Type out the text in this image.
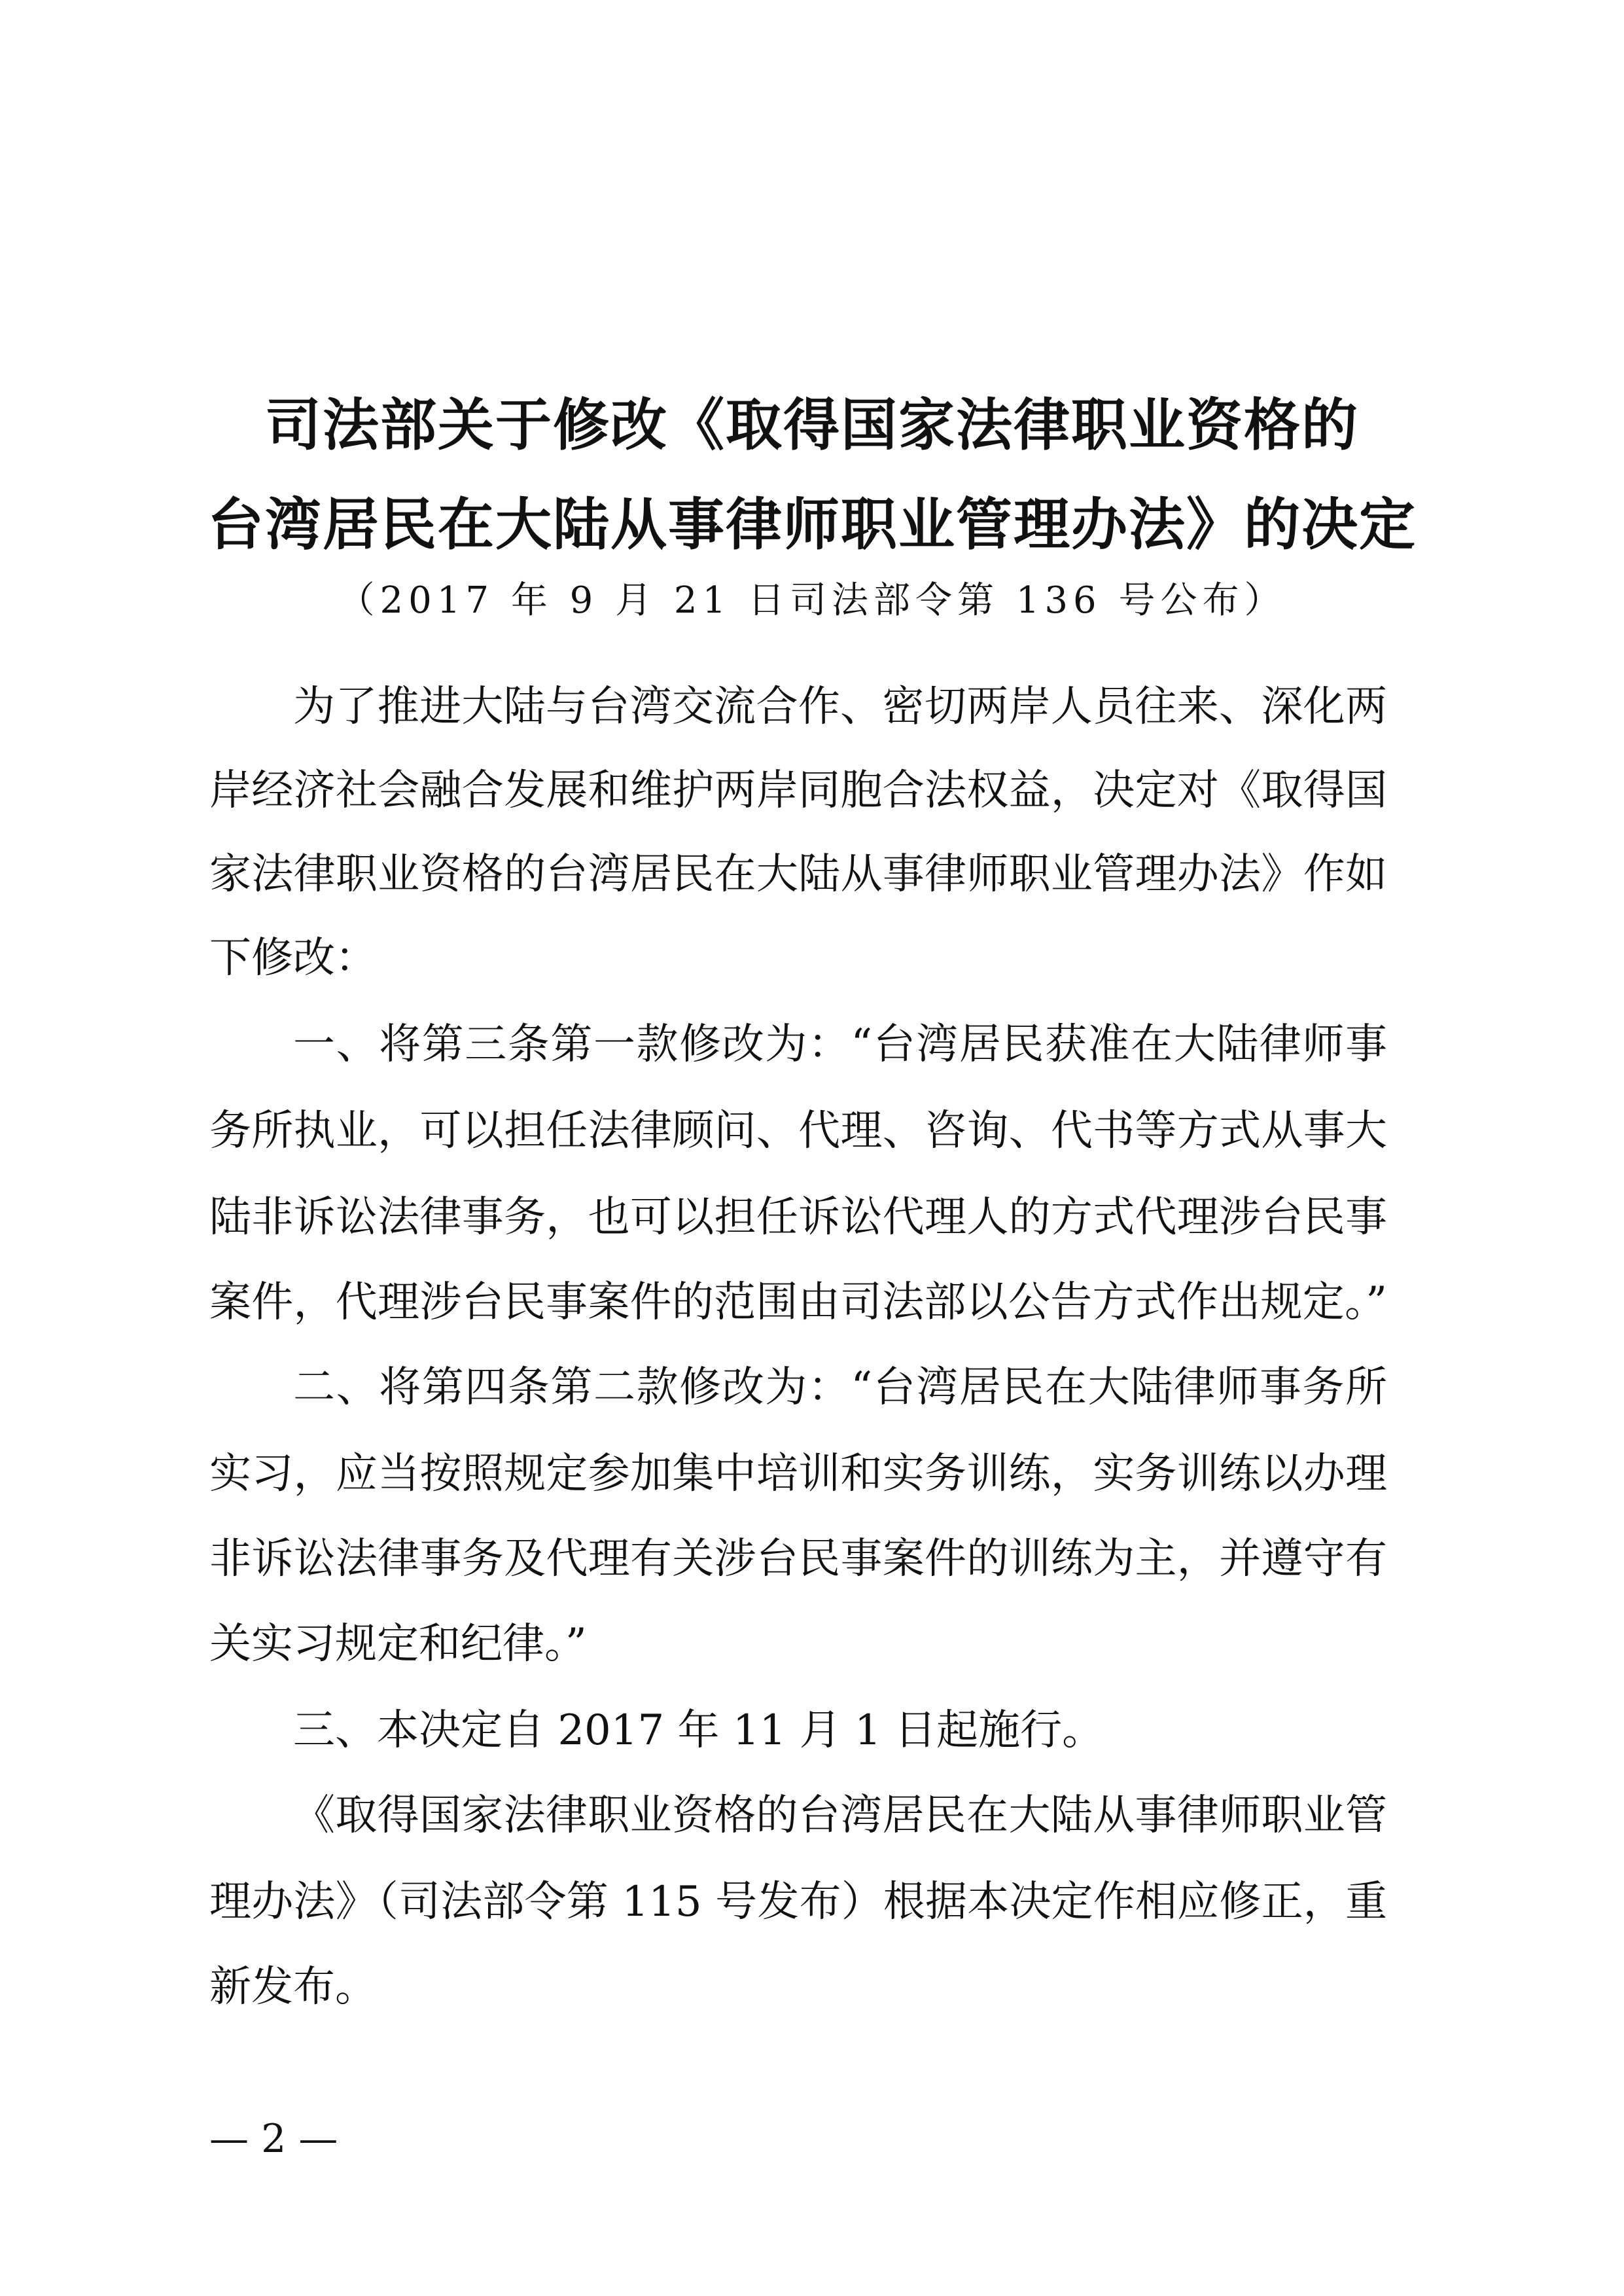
司法部关于修改《取得国家法律职业资格的
台湾居民在大陆从事律师职业管理办法》的决定
（2017 年 9 月 21 日司法部令第 136 号公布）
为了推进大陆与台湾交流合作、密切两岸人员往来、深化两
岸经济社会融合发展和维护两岸同胞合法权益，决定对《取得国
家法律职业资格的台湾居民在大陆从事律师职业管理办法》作如
下修改：
一、将第三条第一款修改为：“台湾居民获准在大陆律师事
务所执业，可以担任法律顾问、代理、咨询、代书等方式从事大
陆非诉讼法律事务，也可以担任诉讼代理人的方式代理涉台民事
案件，代理涉台民事案件的范围由司法部以公告方式作出规定。”
二、将第四条第二款修改为：“台湾居民在大陆律师事务所
实习，应当按照规定参加集中培训和实务训练，实务训练以办理
非诉讼法律事务及代理有关涉台民事案件的训练为主，并遵守有
关实习规定和纪律。”
三、本决定自 2017 年 11 月 1 日起施行。
《取得国家法律职业资格的台湾居民在大陆从事律师职业管
理办法》（司法部令第 115 号发布）根据本决定作相应修正，重
新发布。
— 2 —
